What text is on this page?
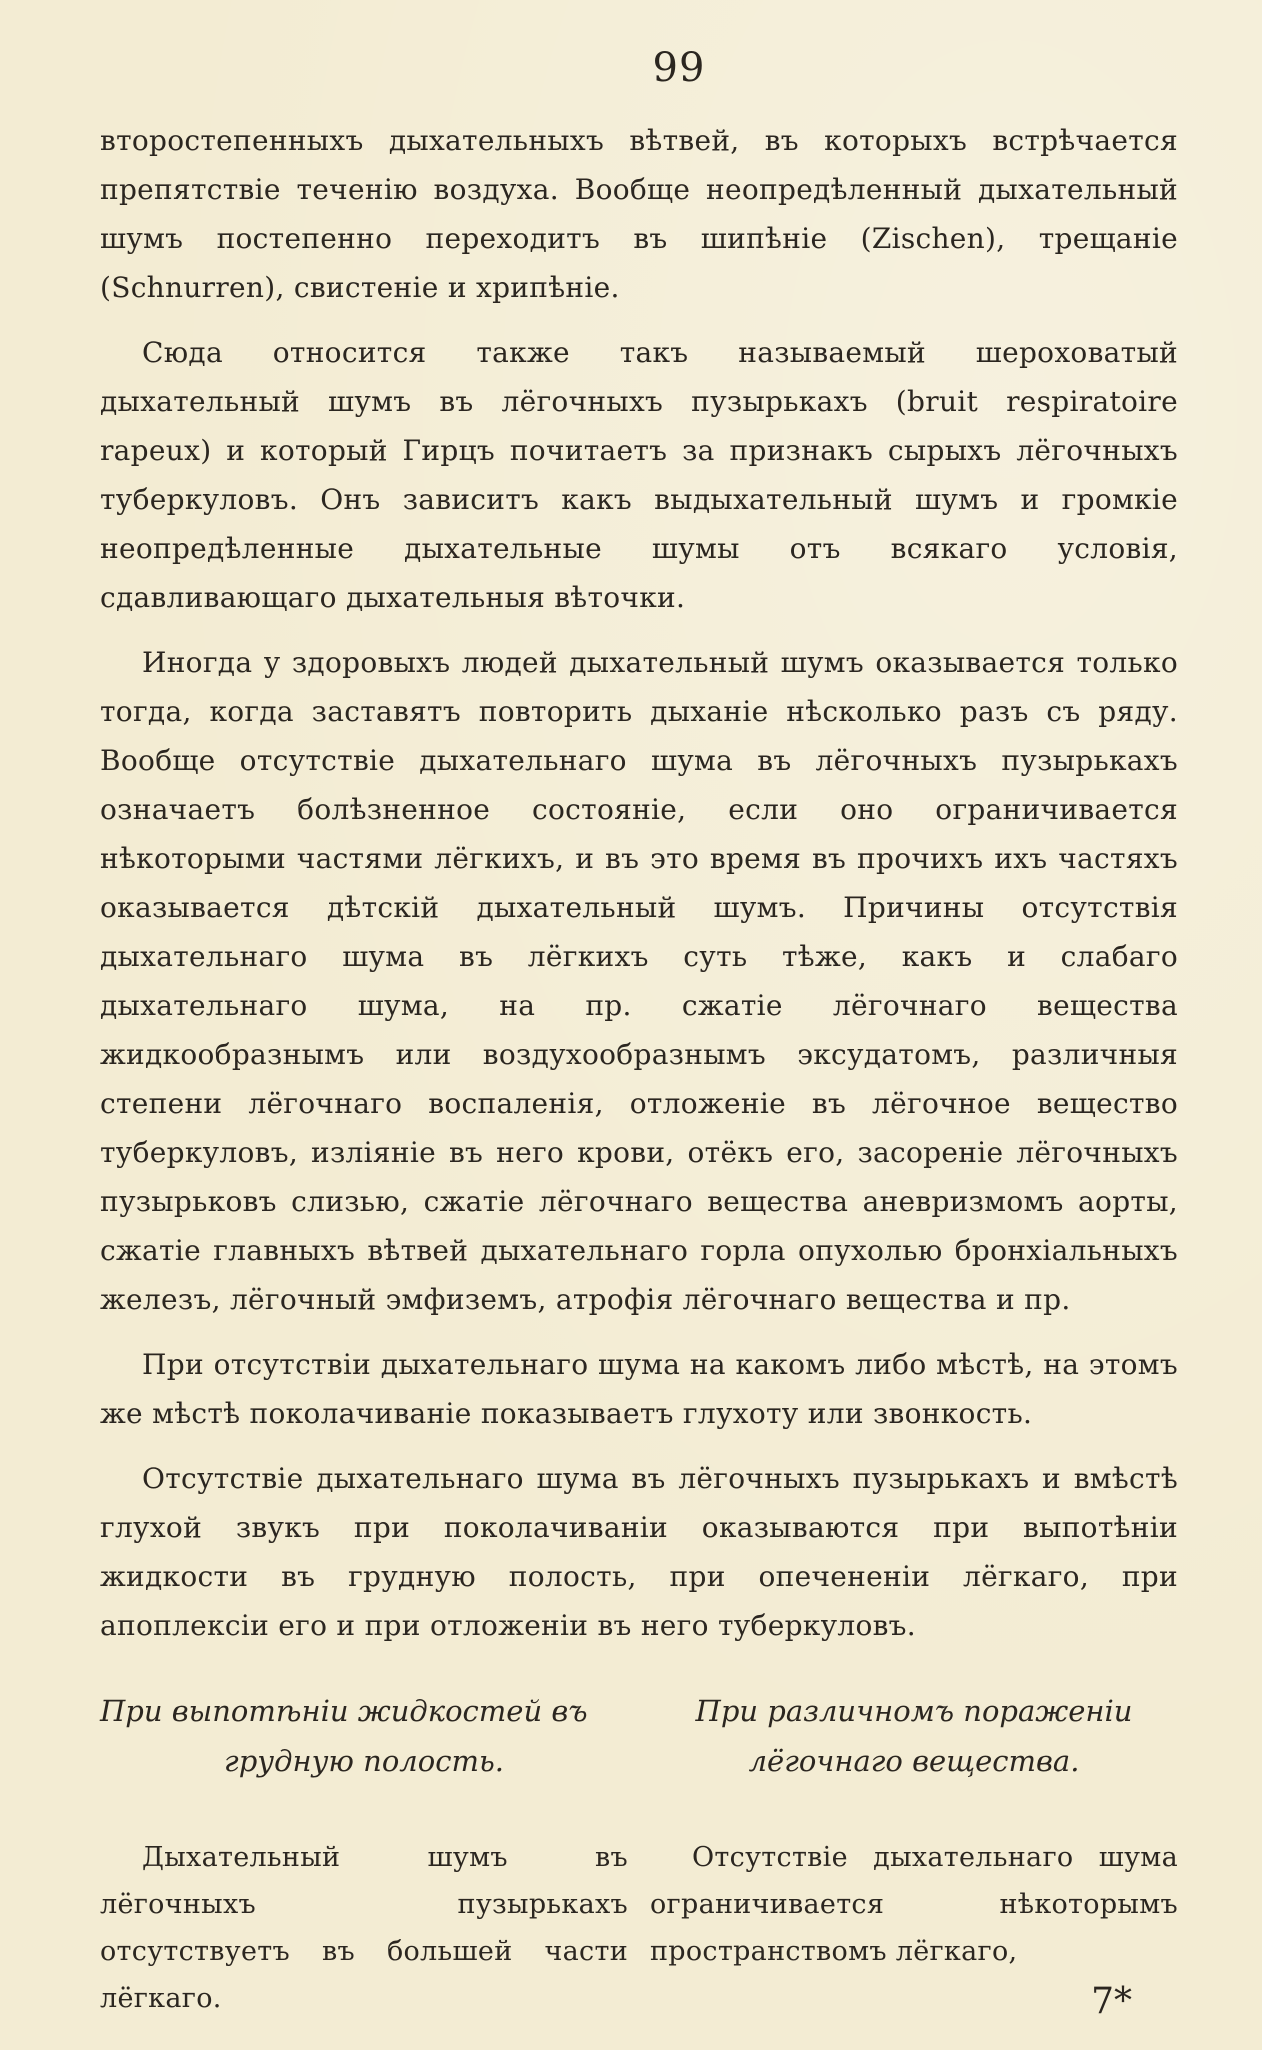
99

второстепенныхъ дыхательныхъ вѣтвей, въ которыхъ встрѣчается препятствіе теченію воздуха. Вообще неопредѣленный дыхательный шумъ постепенно переходитъ въ шипѣніе (Zischen), трещаніе (Schnurren), свистеніе и хрипѣніе.

Сюда относится также такъ называемый шероховатый дыхательный шумъ въ лёгочныхъ пузырькахъ (bruit respiratoire rapeux) и который Гирцъ почитаетъ за признакъ сырыхъ лёгочныхъ туберкуловъ. Онъ зависитъ какъ выдыхательный шумъ и громкіе неопредѣленные дыхательные шумы отъ всякаго условія, сдавливающаго дыхательныя вѣточки.

Иногда у здоровыхъ людей дыхательный шумъ оказывается только тогда, когда заставятъ повторить дыханіе нѣсколько разъ съ ряду. Вообще отсутствіе дыхательнаго шума въ лёгочныхъ пузырькахъ означаетъ болѣзненное состояніе, если оно ограничивается нѣкоторыми частями лёгкихъ, и въ это время въ прочихъ ихъ частяхъ оказывается дѣтскій дыхательный шумъ. Причины отсутствія дыхательнаго шума въ лёгкихъ суть тѣже, какъ и слабаго дыхательнаго шума, на пр. сжатіе лёгочнаго вещества жидкообразнымъ или воздухообразнымъ эксудатомъ, различныя степени лёгочнаго воспаленія, отложеніе въ лёгочное вещество туберкуловъ, изліяніе въ него крови, отёкъ его, засореніе лёгочныхъ пузырьковъ слизью, сжатіе лёгочнаго вещества аневризмомъ аорты, сжатіе главныхъ вѣтвей дыхательнаго горла опухолью бронхіальныхъ железъ, лёгочный эмфиземъ, атрофія лёгочнаго вещества и пр.

При отсутствіи дыхательнаго шума на какомъ либо мѣстѣ, на этомъ же мѣстѣ поколачиваніе показываетъ глухоту или звонкость.

Отсутствіе дыхательнаго шума въ лёгочныхъ пузырькахъ и вмѣстѣ глухой звукъ при поколачиваніи оказываются при выпотѣніи жидкости въ грудную полость, при опечененіи лёгкаго, при апоплексіи его и при отложеніи въ него туберкуловъ.

При выпотѣніи жидкостей въ
грудную полость.

Дыхательный шумъ въ лёгочныхъ пузырькахъ отсутствуетъ въ большей части лёгкаго.

При различномъ пораженіи
лёгочнаго вещества.

Отсутствіе дыхательнаго шума ограничивается нѣкоторымъ пространствомъ лёгкаго,

7*
